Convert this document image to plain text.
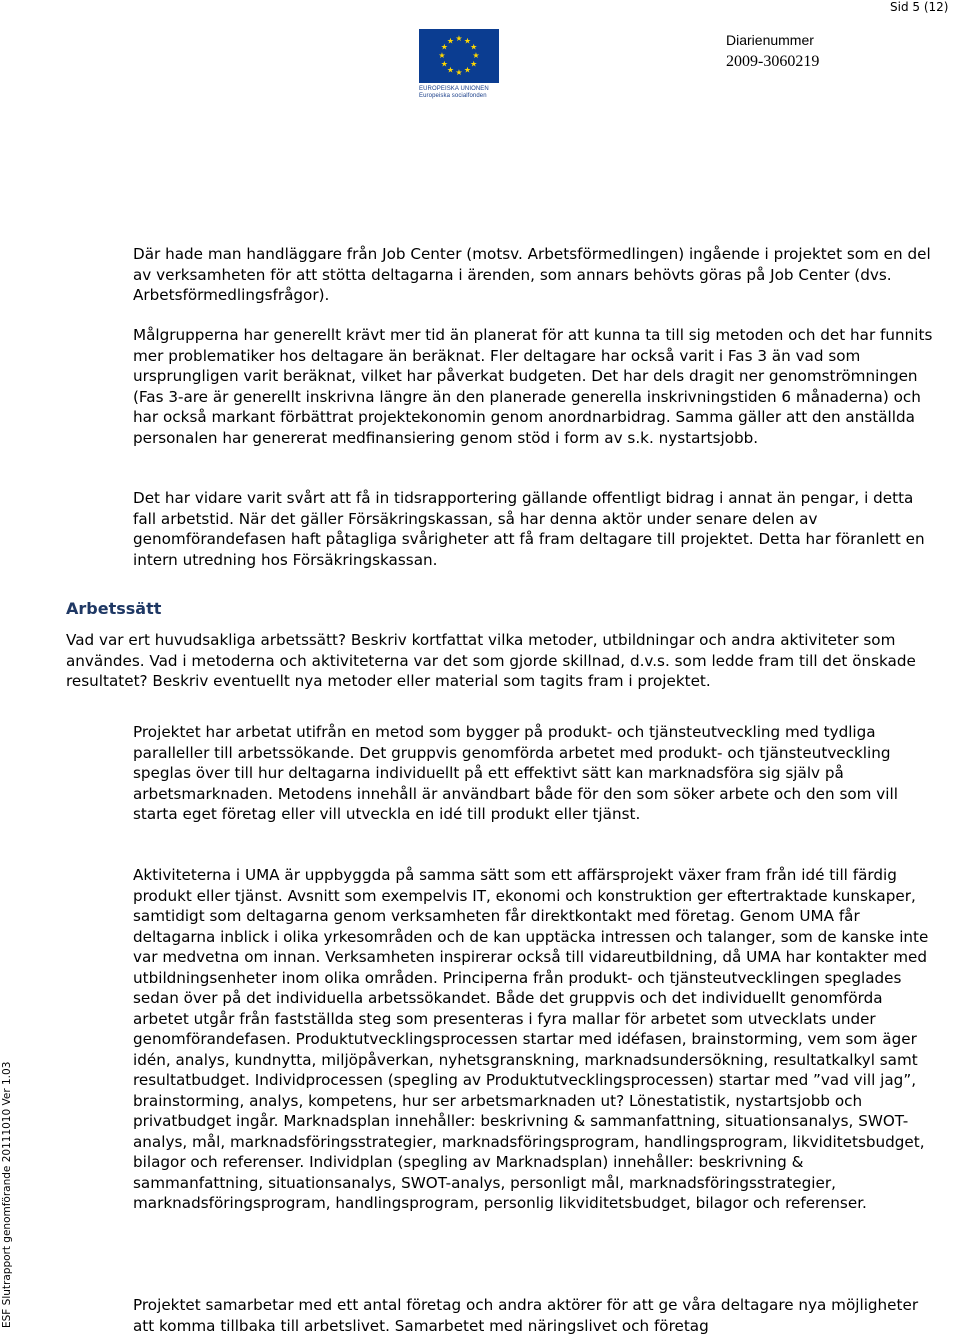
Sid 5 (12)
★ ★
★
★
★
★
★
★
★
★
★
★
EUROPEISKA UNIONEN
Europeiska socialfonden
Diarienummer
2009-3060219
ESF Slutrapport genomförande 20111010 Ver 1.03

Där hade man handläggare från Job Center (motsv. Arbetsförmedlingen) ingående i projektet som en del av verksamheten för att stötta deltagarna i ärenden, som annars behövts göras på Job Center (dvs. Arbetsförmedlingsfrågor).

Målgrupperna har generellt krävt mer tid än planerat för att kunna ta till sig metoden och det har funnits mer problematiker hos deltagare än beräknat. Fler deltagare har också varit i Fas 3 än vad som ursprungligen varit beräknat, vilket har påverkat budgeten. Det har dels dragit ner genomströmningen (Fas 3-are är generellt inskrivna längre än den planerade generella inskrivningstiden 6 månaderna) och har också markant förbättrat projektekonomin genom anordnarbidrag. Samma gäller att den anställda personalen har genererat medfinansiering genom stöd i form av s.k. nystartsjobb.

Det har vidare varit svårt att få in tidsrapportering gällande offentligt bidrag i annat än pengar, i detta fall arbetstid. När det gäller Försäkringskassan, så har denna aktör under senare delen av genomförandefasen haft påtagliga svårigheter att få fram deltagare till projektet. Detta har föranlett en intern utredning hos Försäkringskassan.

Arbetssätt

Vad var ert huvudsakliga arbetssätt? Beskriv kortfattat vilka metoder, utbildningar och andra aktiviteter som användes. Vad i metoderna och aktiviteterna var det som gjorde skillnad, d.v.s. som ledde fram till det önskade resultatet? Beskriv eventuellt nya metoder eller material som tagits fram i projektet.

Projektet har arbetat utifrån en metod som bygger på produkt- och tjänsteutveckling med tydliga paralleller till arbetssökande. Det gruppvis genomförda arbetet med produkt- och tjänsteutveckling speglas över till hur deltagarna individuellt på ett effektivt sätt kan marknadsföra sig själv på arbetsmarknaden. Metodens innehåll är användbart både för den som söker arbete och den som vill starta eget företag eller vill utveckla en idé till produkt eller tjänst.

Aktiviteterna i UMA är uppbyggda på samma sätt som ett affärsprojekt växer fram från idé till färdig produkt eller tjänst. Avsnitt som exempelvis IT, ekonomi och konstruktion ger eftertraktade kunskaper, samtidigt som deltagarna genom verksamheten får direktkontakt med företag. Genom UMA får deltagarna inblick i olika yrkesområden och de kan upptäcka intressen och talanger, som de kanske inte var medvetna om innan. Verksamheten inspirerar också till vidareutbildning, då UMA har kontakter med utbildningsenheter inom olika områden. Principerna från produkt- och tjänsteutvecklingen speglades sedan över på det individuella arbetssökandet. Både det gruppvis och det individuellt genomförda arbetet utgår från fastställda steg som presenteras i fyra mallar för arbetet som utvecklats under genomförandefasen. Produktutvecklingsprocessen startar med idéfasen, brainstorming, vem som äger idén, analys, kundnytta, miljöpåverkan, nyhetsgranskning, marknadsundersökning, resultatkalkyl samt resultatbudget. Individprocessen (spegling av Produktutvecklingsprocessen) startar med ”vad vill jag”, brainstorming, analys, kompetens, hur ser arbetsmarknaden ut? Lönestatistik, nystartsjobb och privatbudget ingår. Marknadsplan innehåller: beskrivning & sammanfattning, situationsanalys, SWOT-analys, mål, marknadsföringsstrategier, marknadsföringsprogram, handlingsprogram, likviditetsbudget, bilagor och referenser. Individplan (spegling av Marknadsplan) innehåller: beskrivning & sammanfattning, situationsanalys, SWOT-analys, personligt mål, marknadsföringsstrategier, marknadsföringsprogram, handlingsprogram, personlig likviditetsbudget, bilagor och referenser.

Projektet samarbetar med ett antal företag och andra aktörer för att ge våra deltagare nya möjligheter att komma tillbaka till arbetslivet. Samarbetet med näringslivet och företag
